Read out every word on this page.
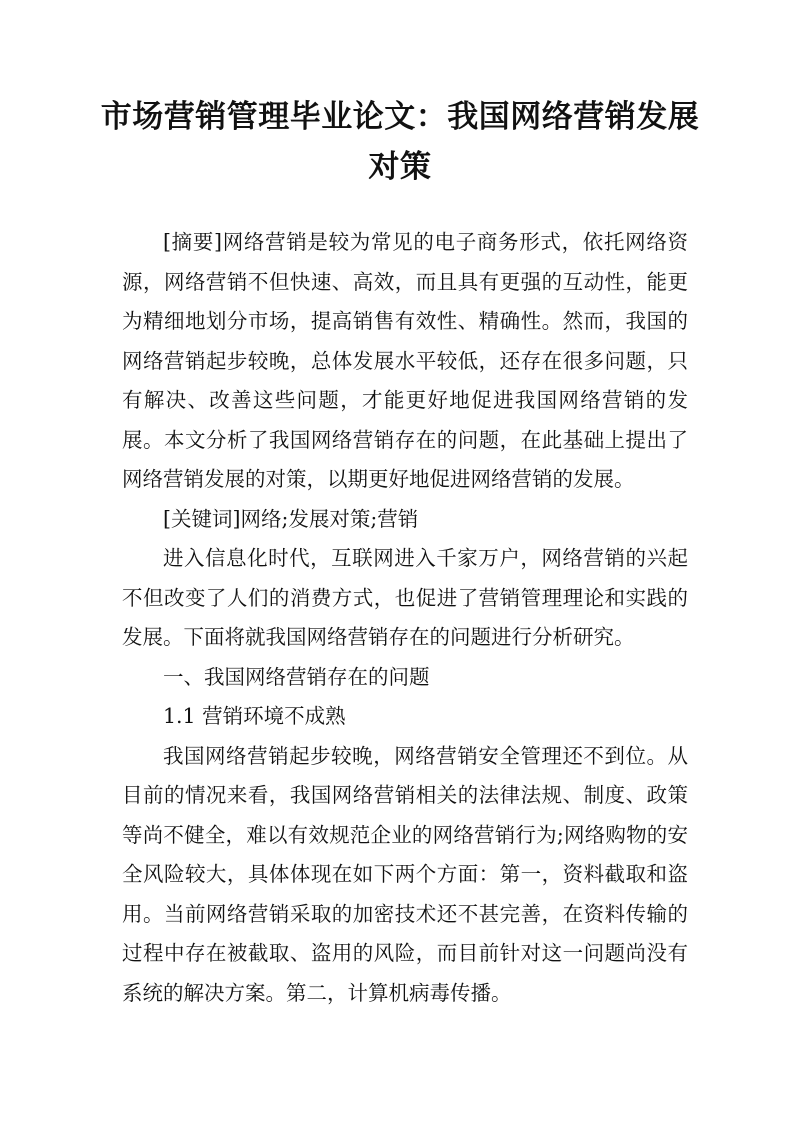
市场营销管理毕业论文：我国网络营销发展
对策

[摘要]网络营销是较为常见的电子商务形式，依托网络资源，网络营销不但快速、高效，而且具有更强的互动性，能更为精细地划分市场，提高销售有效性、精确性。然而，我国的网络营销起步较晚，总体发展水平较低，还存在很多问题，只有解决、改善这些问题，才能更好地促进我国网络营销的发展。本文分析了我国网络营销存在的问题，在此基础上提出了网络营销发展的对策，以期更好地促进网络营销的发展。

[关键词]网络;发展对策;营销

进入信息化时代，互联网进入千家万户，网络营销的兴起不但改变了人们的消费方式，也促进了营销管理理论和实践的发展。下面将就我国网络营销存在的问题进行分析研究。

一、我国网络营销存在的问题

1.1 营销环境不成熟

我国网络营销起步较晚，网络营销安全管理还不到位。从目前的情况来看，我国网络营销相关的法律法规、制度、政策等尚不健全，难以有效规范企业的网络营销行为;网络购物的安全风险较大，具体体现在如下两个方面：第一，资料截取和盗用。当前网络营销采取的加密技术还不甚完善，在资料传输的过程中存在被截取、盗用的风险，而目前针对这一问题尚没有系统的解决方案。第二，计算机病毒传播。
